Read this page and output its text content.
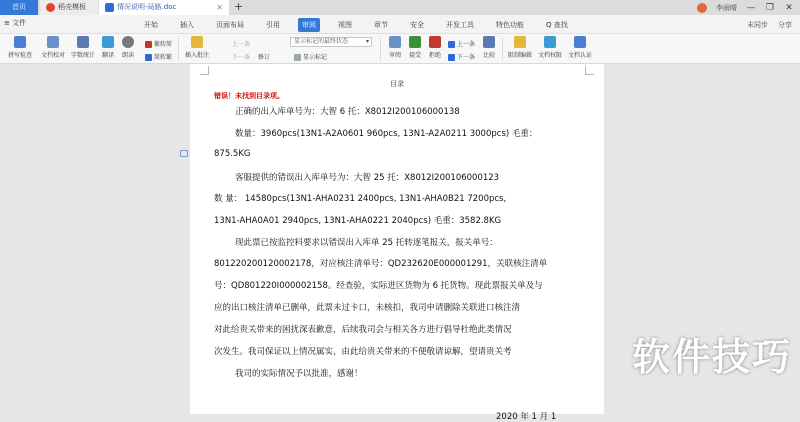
首页	稻壳模板	情况说明-局路.doc	✕ +	李雨晴 — ❐ ✕
≡ 文件	开始	插入	页面布局	引用	审阅	视图	章节	安全	开发工具	特色功能	Q 查找	未同步 分享
拼写检查	文档校对 字数统计	翻译	朗读
繁转简
简转繁	插入批注
上一条
下一条
显示标记的最终状态 ▾
修订	显示标记	审阅	接受	拒绝
上一条
下一条	比较	限制编辑 文档权限 文档认证
目录
错误！未找到目录项。
正确的出入库单号为：大智 6 托：X8012I200106000138
数量：3960pcs(13N1-A2A0601 960pcs, 13N1-A2A0211 3000pcs) 毛重：
875.5KG
客服提供的错误出入库单号为：大智 25 托：X8012I200106000123
数 量： 14580pcs(13N1-AHA0231 2400pcs, 13N1-AHA0B21 7200pcs,
13N1-AHA0A01 2940pcs, 13N1-AHA0221 2040pcs) 毛重：3582.8KG
现此票已按监控料要求以错误出入库单 25 托转逐笔报关，报关单号：
801220200120002178，对应核注清单号：QD232620E000001291，关联核注清单
号：QD801220I000002158。经查验，实际进区货物为 6 托货物。现此票报关单及与
应的出口核注清单已删单，此票未过卡口，未核扣，我司申请删除关联进口核注清
对此给贵关带来的困扰深表歉意，后续我司会与相关各方进行倡导杜绝此类情况
次发生。我司保证以上情况属实，由此给贵关带来的不便敬请谅解，望请贵关考
我司的实际情况予以批准，感谢！
2020 年 1 月 1
软件技巧
